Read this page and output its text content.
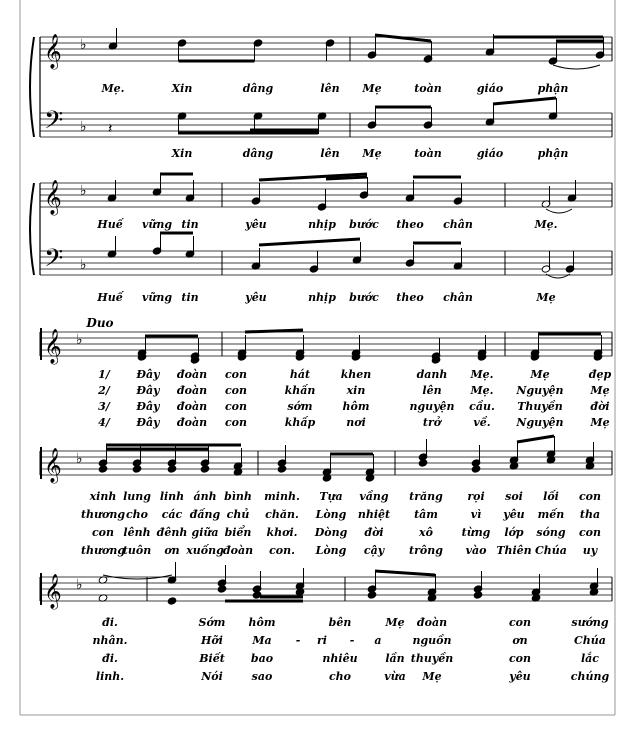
𝄞
𝄢
♭
♭ 𝄽
𝄞
𝄢
♭
♭
𝄞 ♭
𝄞 ♭
𝄞 ♭
Mẹ.	Xin	dâng	lên Mẹ	toàn	giáo	phận
Xin	dâng	lên Mẹ	toàn	giáo	phận
Huế vững tin	yêu	nhịp bước theo chân	Mẹ.
Huế vững tin	yêu	nhịp bước theo chân	Mẹ
Duo
1/ Đây đoàn con	hát	khen	danh Mẹ.	Mẹ	đẹp
2/ Đây đoàn con	khấn	xin	lên	Mẹ. Nguyện Mẹ
3/ Đây đoàn con	sớm	hôm	nguyện cầu. Thuyền	đời
4/ Đây đoàn con	khấp	nơi	trở	về. Nguyện Mẹ
xinh lung linh ánh bình minh. Tựa vầng trăng rọi soi lối con
thương cho các đấng chủ chăn. Lòng nhiệt tâm	vì yêu mến tha
con lênh đênh giữa biển khơi. Dòng đời	xô	từng lớp sóng con
thương
tuôn ơn xuống đoàn con. Lòng cậy trông vào Thiên Chúa uy
đi.	Sớm hôm	bên	Mẹ đoàn	con	sướng
nhân.	Hỡi	Ma - ri - a	nguồn	ơn	Chúa
đi.	Biết bao	nhiêu	lần thuyền	con	lắc
linh.	Nói	sao	cho	vừa Mẹ	yêu	chúng
